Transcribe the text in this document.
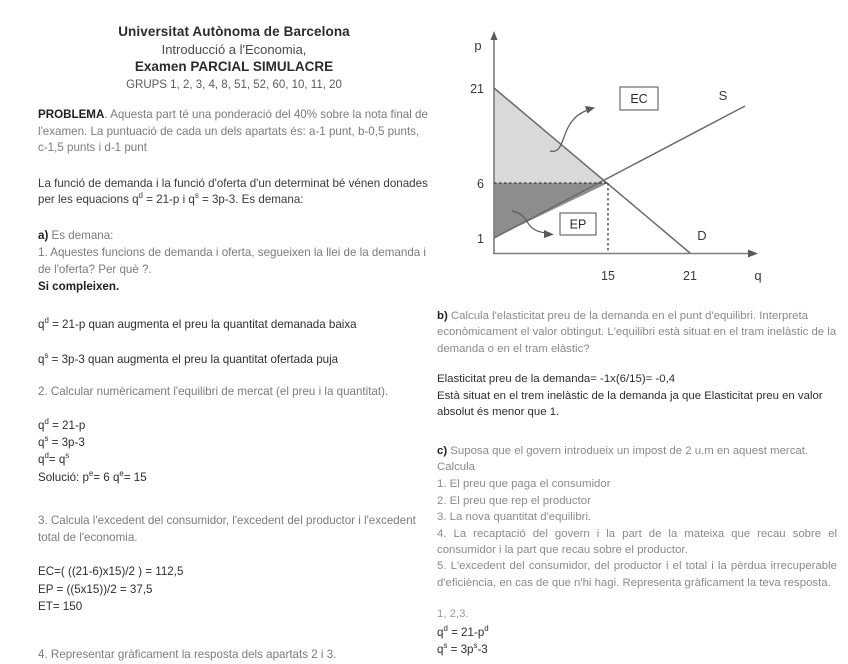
Universitat Autònoma de Barcelona
Introducció a l'Economia,
Examen PARCIAL SIMULACRE
GRUPS 1, 2, 3, 4, 8, 51, 52, 60, 10, 11, 20
PROBLEMA. Aquesta part té una ponderació del 40% sobre la nota final de l'examen. La puntuació de cada un dels apartats és: a-1 punt, b-0,5 punts, c-1,5 punts i d-1 punt
La funció de demanda i la funció d'oferta d'un determinat bé vénen donades per les equacions $q^d = 21-p$ i $q^s = 3p-3$. Es demana:
a) Es demana:
1. Aquestes funcions de demanda i oferta, segueixen la llei de la demanda i de l'oferta? Per què ?.
Si compleixen.
$q^d = 21-p$ quan augmenta el preu la quantitat demanada baixa
$q^s = 3p-3$ quan augmenta el preu la quantitat ofertada puja
2. Calcular numèricament l'equilibri de mercat (el preu i la quantitat).
$q^d = 21-p$
$q^s = 3p-3$
$q^d= q^s$
Solució: $p^e= 6$ $q^e= 15$
3. Calcula l'excedent del consumidor, l'excedent del productor i l'excedent total de l'economia.
EC=( ((21-6)x15)/2 ) = 112,5
EP = ((5x15))/2 = 37,5
ET= 150
4. Representar gràficament la resposta dels apartats 2 i 3.
p
q
21
6
1
15	21
S
D
EC
EP
b) Calcula l'elasticitat preu de la demanda en el punt d'equilibri. Interpreta econòmicament el valor obtingut. L'equilibri està situat en el tram inelàstic de la demanda o en el tram elàstic?
Elasticitat preu de la demanda= -1x(6/15)= -0,4
Està situat en el trem inelàstic de la demanda ja que Elasticitat preu en valor absolut és menor que 1.
c) Suposa que el govern introdueix un impost de 2 u.m en aquest mercat. Calcula
1. El preu que paga el consumidor
2. El preu que rep el productor
3. La nova quantitat d'equilibri.
4. La recaptació del govern i la part de la mateixa que recau sobre el consumidor i la part que recau sobre el productor.
5. L'excedent del consumidor, del productor i el total i la pèrdua irrecuperable d'eficiència, en cas de que n'hi hagi. Representa gràficament la teva resposta.
1, 2,3.
$q^d = 21-p^d$
$q^s = 3p^s-3$
